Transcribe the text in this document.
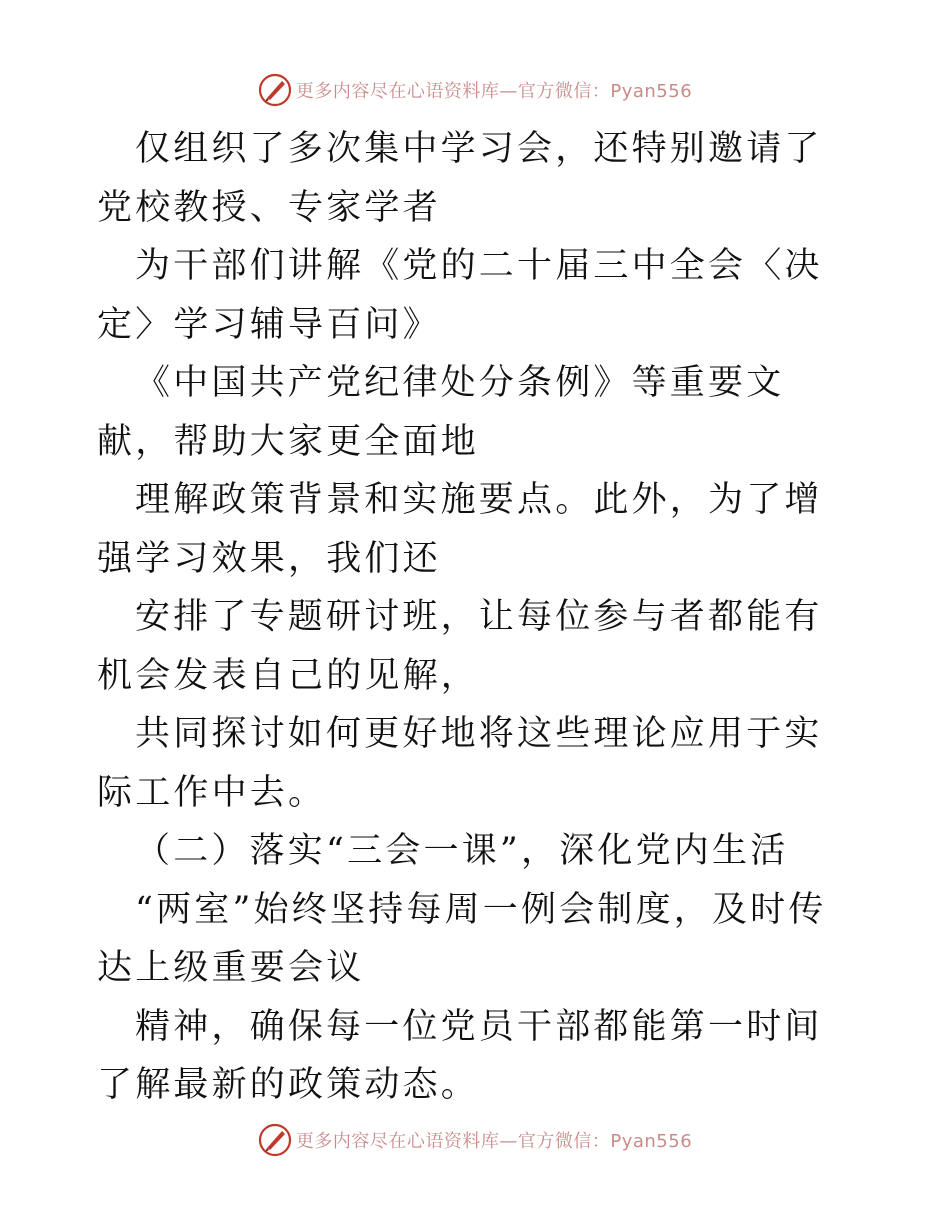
更多内容尽在心语资料库—官方微信：Pyan556

仅组织了多次集中学习会，还特别邀请了党校教授、专家学者

为干部们讲解《党的二十届三中全会〈决定〉学习辅导百问》

《中国共产党纪律处分条例》等重要文献，帮助大家更全面地

理解政策背景和实施要点。此外，为了增强学习效果，我们还

安排了专题研讨班，让每位参与者都能有机会发表自己的见解，

共同探讨如何更好地将这些理论应用于实际工作中去。

（二）落实“三会一课”，深化党内生活

“两室”始终坚持每周一例会制度，及时传达上级重要会议

精神，确保每一位党员干部都能第一时间了解最新的政策动态。

更多内容尽在心语资料库—官方微信：Pyan556
